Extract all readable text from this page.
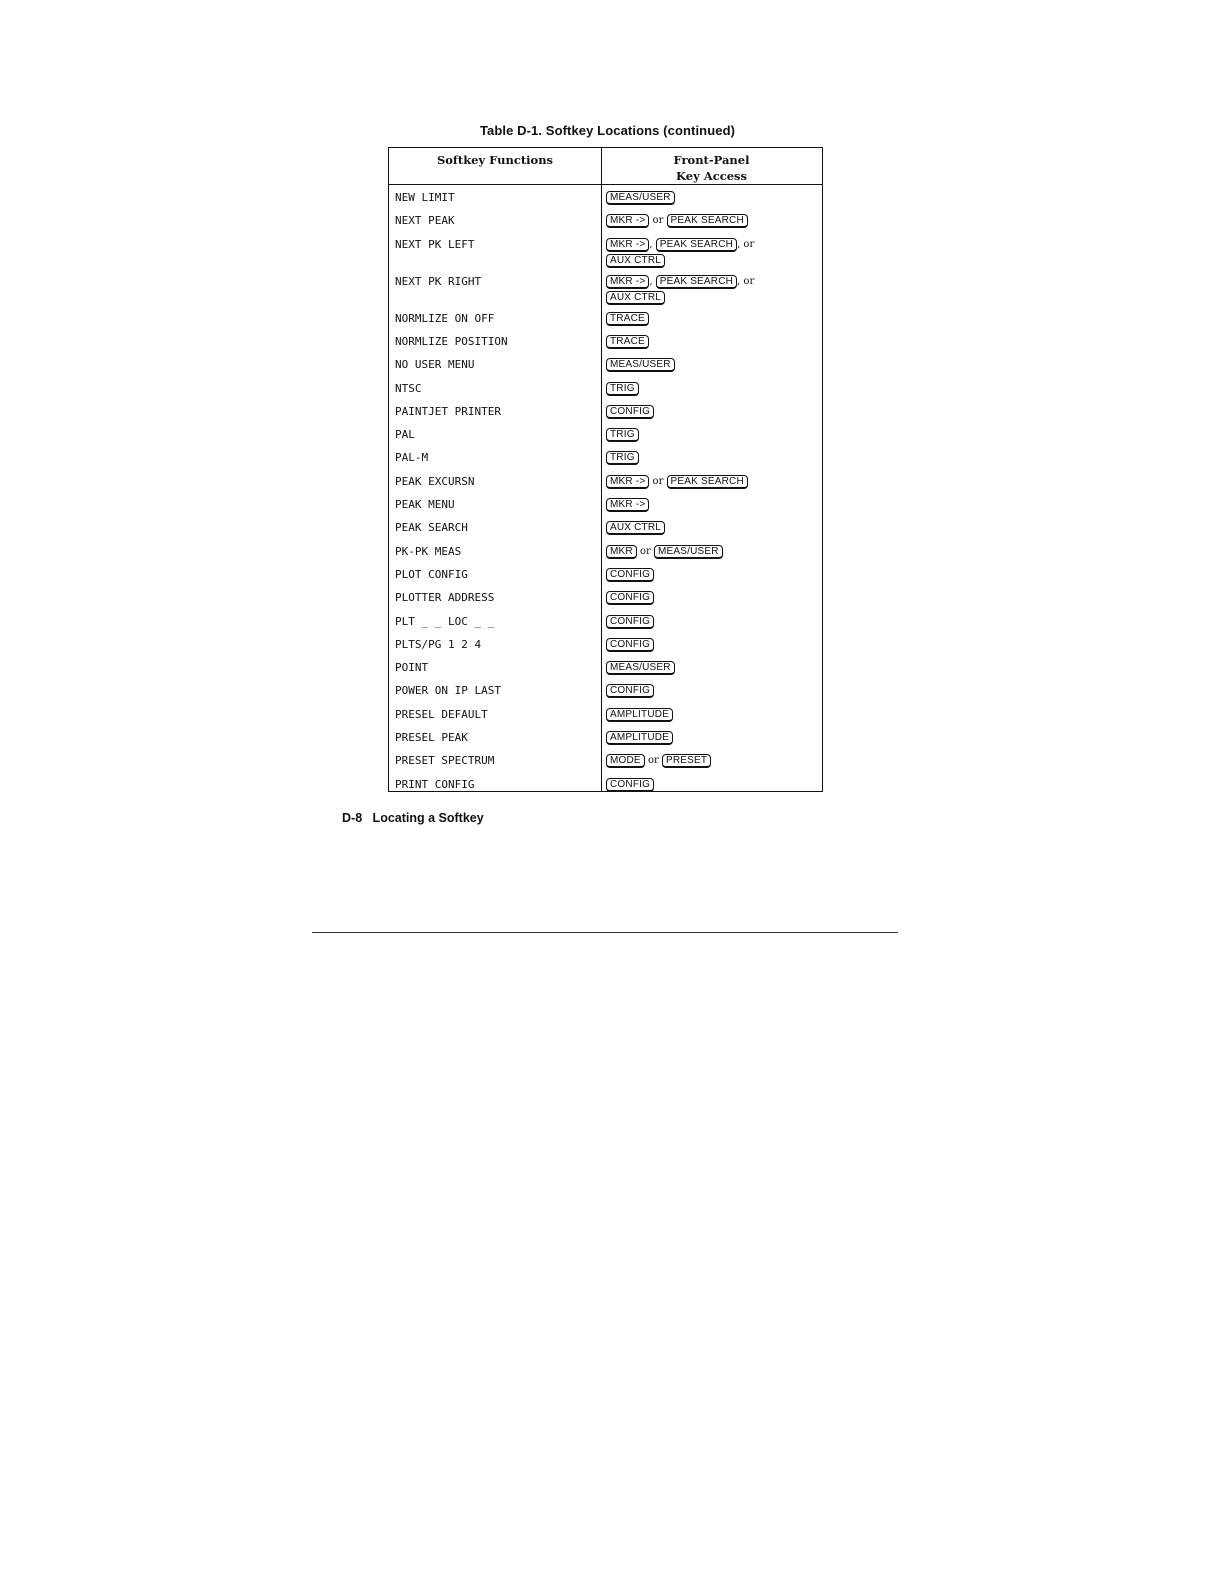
Table D-1. Softkey Locations (continued)
Softkey Functions	Front-Panel
Key Access
NEW LIMIT	MEAS/USER
NEXT PEAK	MKR -> or PEAK SEARCH
NEXT PK LEFT	MKR -> , PEAK SEARCH , or
AUX CTRL
NEXT PK RIGHT	MKR -> , PEAK SEARCH , or
AUX CTRL
NORMLIZE ON OFF	TRACE
NORMLIZE POSITION	TRACE
NO USER MENU	MEAS/USER
NTSC	TRIG
PAINTJET PRINTER	CONFIG
PAL	TRIG
PAL-M	TRIG
PEAK EXCURSN	MKR -> or PEAK SEARCH
PEAK MENU	MKR ->
PEAK SEARCH	AUX CTRL
PK-PK MEAS	MKR or MEAS/USER
PLOT CONFIG	CONFIG
PLOTTER ADDRESS	CONFIG
PLT _ _ LOC _ _	CONFIG
PLTS/PG 1 2 4	CONFIG
POINT	MEAS/USER
POWER ON IP LAST	CONFIG
PRESEL DEFAULT	AMPLITUDE
PRESEL PEAK	AMPLITUDE
PRESET SPECTRUM	MODE or PRESET
PRINT CONFIG	CONFIG
D-8   Locating a Softkey
